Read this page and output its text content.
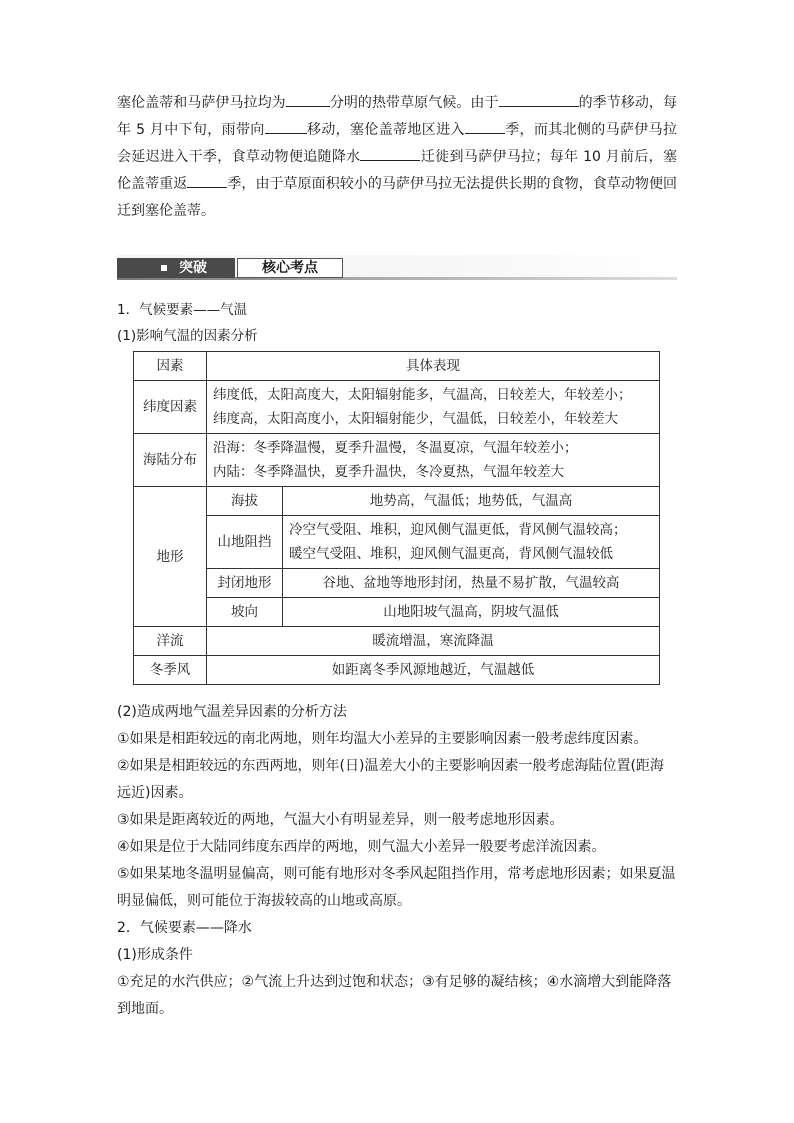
塞伦盖蒂和马萨伊马拉均为	分明的热带草原气候。由于	的季节移动，每年 5 月中下旬，雨带向	移动，塞伦盖蒂地区进入	季，而其北侧的马萨伊马拉会延迟进入干季，食草动物便追随降水	迁徙到马萨伊马拉；每年 10 月前后，塞伦盖蒂重返	季，由于草原面积较小的马萨伊马拉无法提供长期的食物，食草动物便回迁到塞伦盖蒂。

突破	核心考点

1．气候要素——气温

(1)影响气温的因素分析

因素	具体表现	
纬度因素	纬度低，太阳高度大，太阳辐射能多，气温高，日较差大，年较差小；
纬度高，太阳高度小，太阳辐射能少，气温低，日较差小，年较差大	

海陆分布	沿海：冬季降温慢，夏季升温慢，冬温夏凉，气温年较差小；
内陆：冬季降温快，夏季升温快，冬冷夏热，气温年较差大	

地形	海拔	地势高，气温低；地势低，气温高
	山地阻挡	冷空气受阻、堆积，迎风侧气温更低，背风侧气温较高；
暖空气受阻、堆积，迎风侧气温更高，背风侧气温较低

	封闭地形	谷地、盆地等地形封闭，热量不易扩散，气温较高
	坡向	山地阳坡气温高，阴坡气温低
洋流	暖流增温，寒流降温	
冬季风	如距离冬季风源地越近，气温越低	

(2)造成两地气温差异因素的分析方法

①如果是相距较远的南北两地，则年均温大小差异的主要影响因素一般考虑纬度因素。

②如果是相距较远的东西两地，则年(日)温差大小的主要影响因素一般考虑海陆位置(距海远近)因素。

③如果是距离较近的两地，气温大小有明显差异，则一般考虑地形因素。

④如果是位于大陆同纬度东西岸的两地，则气温大小差异一般要考虑洋流因素。

⑤如果某地冬温明显偏高，则可能有地形对冬季风起阻挡作用，常考虑地形因素；如果夏温明显偏低，则可能位于海拔较高的山地或高原。

2．气候要素——降水

(1)形成条件

①充足的水汽供应；②气流上升达到过饱和状态；③有足够的凝结核；④水滴增大到能降落到地面。
